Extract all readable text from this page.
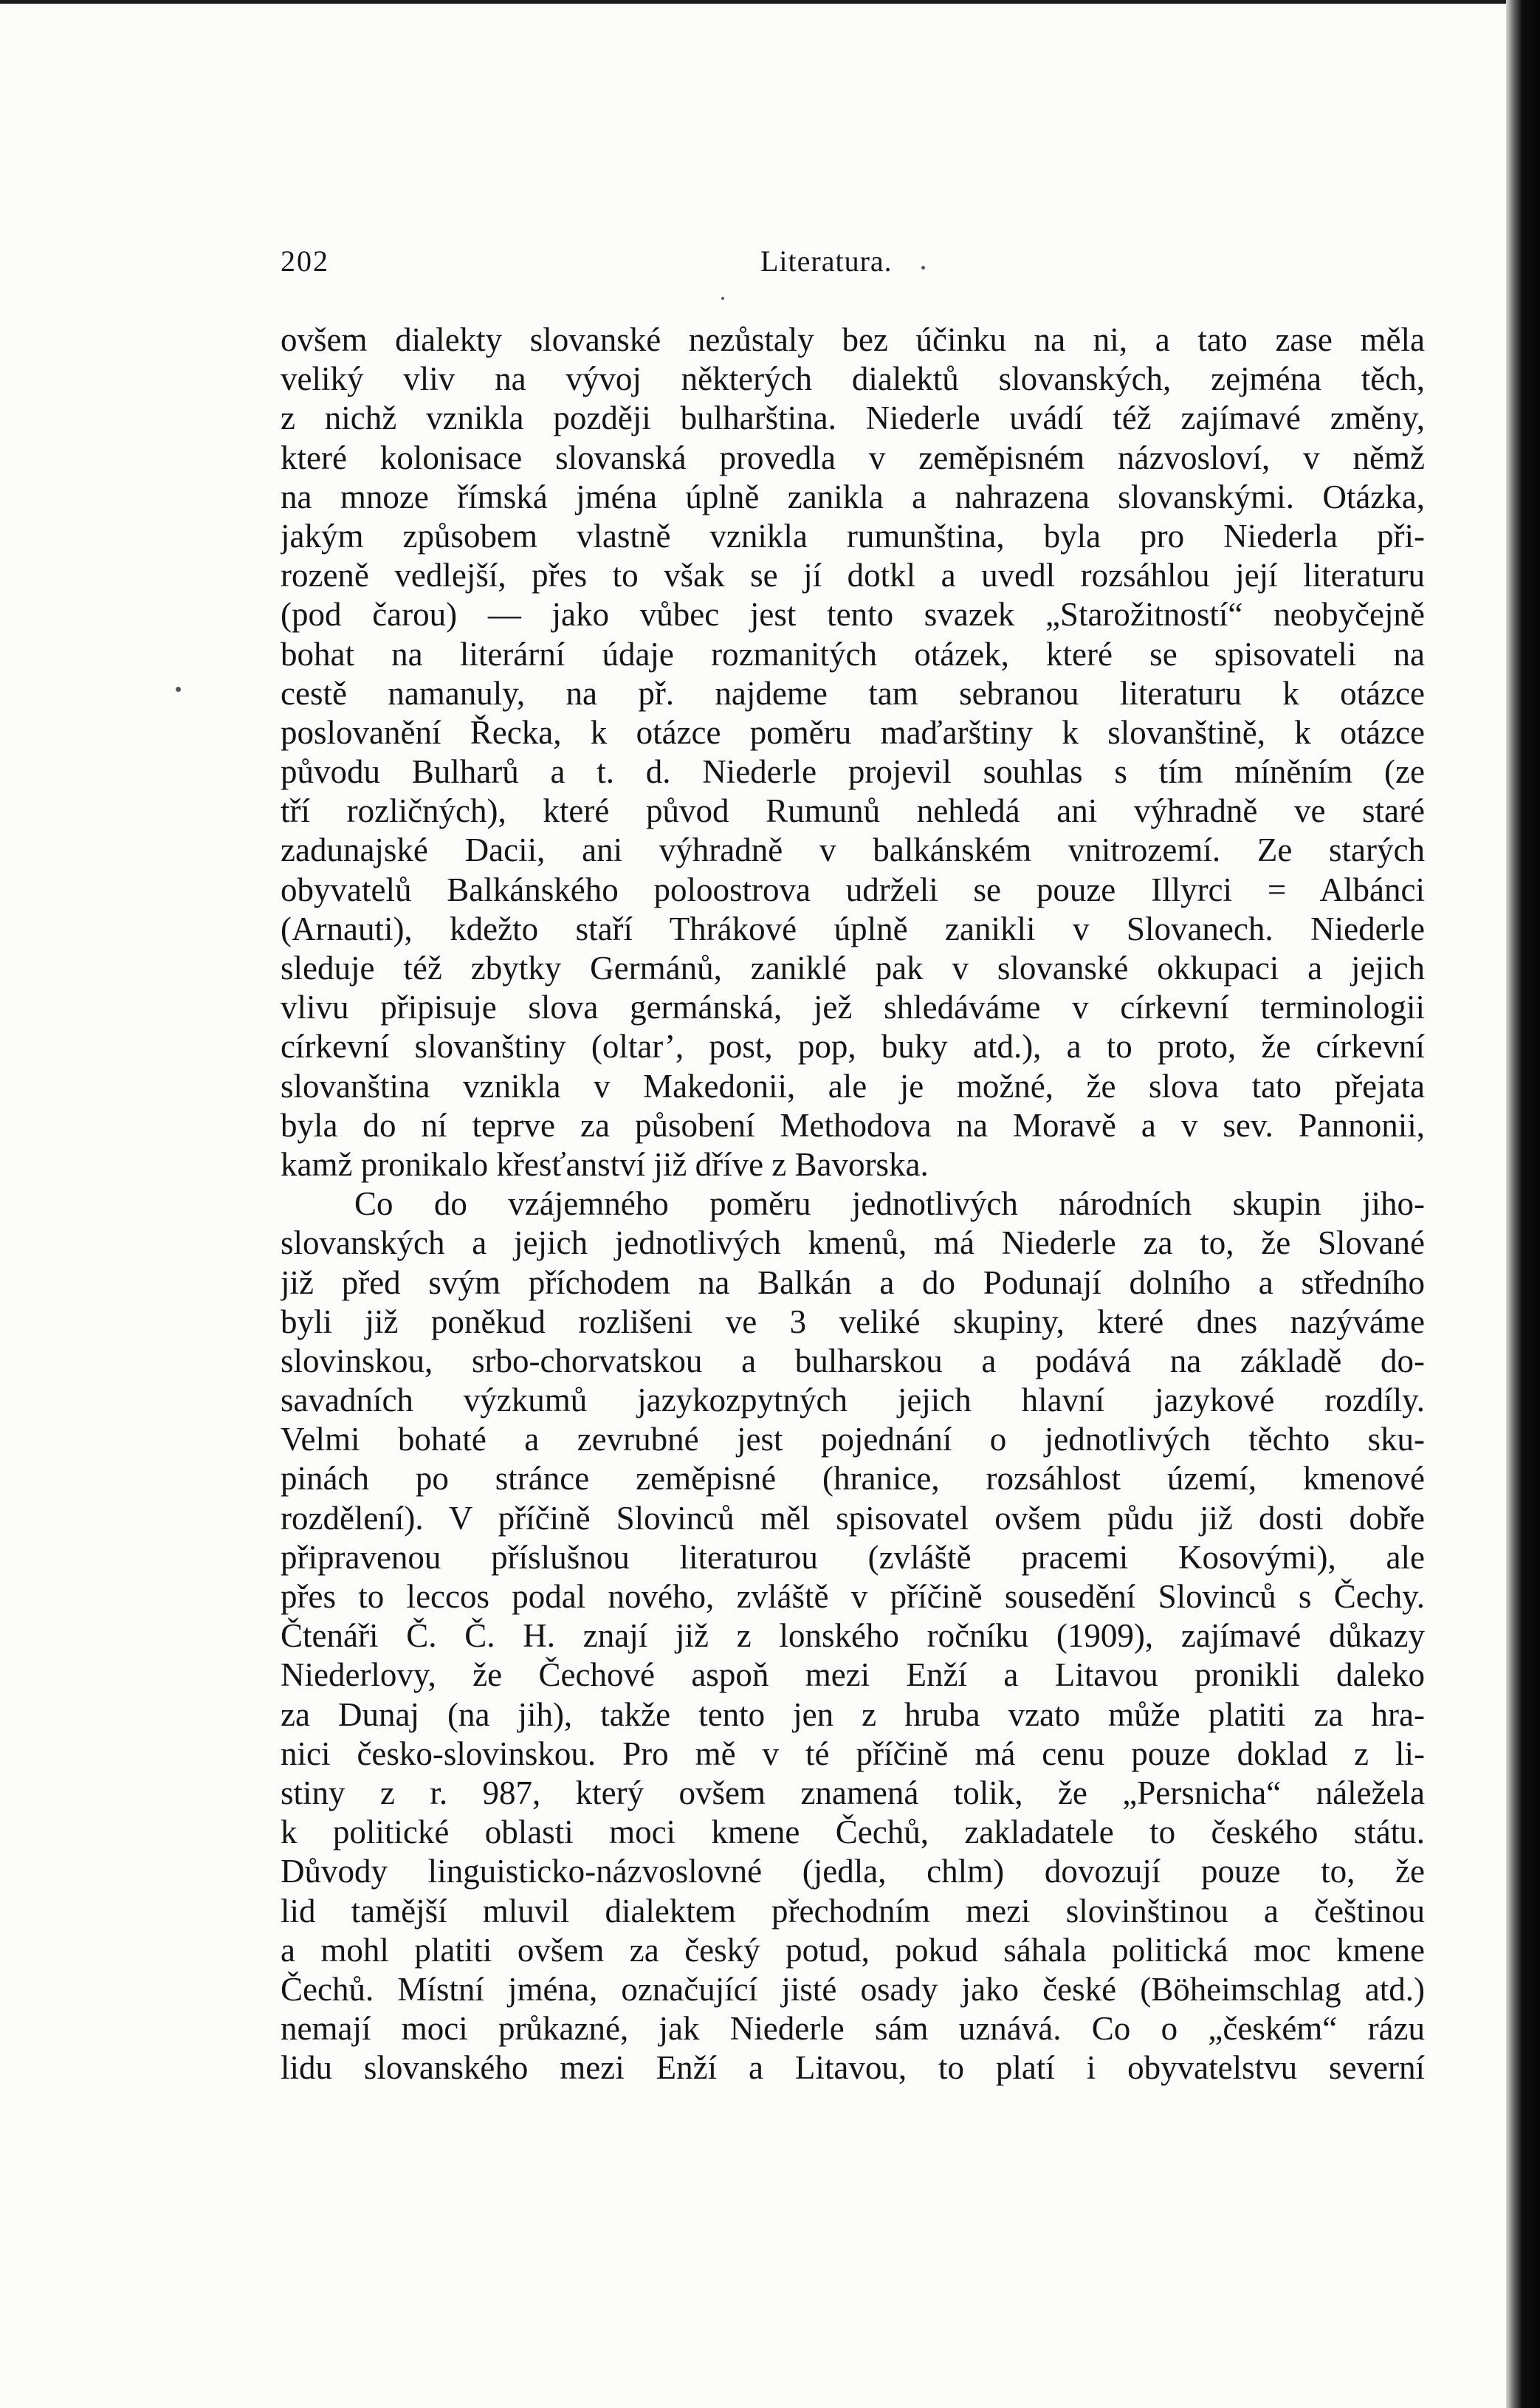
202	Literatura.
ovšem dialekty slovanské nezůstaly bez účinku na ni, a tato zase měla
veliký vliv na vývoj některých dialektů slovanských, zejména těch,
z nichž vznikla později bulharština. Niederle uvádí též zajímavé změny,
které kolonisace slovanská provedla v zeměpisném názvosloví, v němž
na mnoze římská jména úplně zanikla a nahrazena slovanskými. Otázka,
jakým způsobem vlastně vznikla rumunština, byla pro Niederla při-
rozeně vedlejší, přes to však se jí dotkl a uvedl rozsáhlou její literaturu
(pod čarou) — jako vůbec jest tento svazek „Starožitností“ neobyčejně
bohat na literární údaje rozmanitých otázek, které se spisovateli na
cestě namanuly, na př. najdeme tam sebranou literaturu k otázce
poslovanění Řecka, k otázce poměru maďarštiny k slovanštině, k otázce
původu Bulharů a t. d. Niederle projevil souhlas s tím míněním (ze
tří rozličných), které původ Rumunů nehledá ani výhradně ve staré
zadunajské Dacii, ani výhradně v balkánském vnitrozemí. Ze starých
obyvatelů Balkánského poloostrova udrželi se pouze Illyrci = Albánci
(Arnauti), kdežto staří Thrákové úplně zanikli v Slovanech. Niederle
sleduje též zbytky Germánů, zaniklé pak v slovanské okkupaci a jejich
vlivu připisuje slova germánská, jež shledáváme v církevní terminologii
církevní slovanštiny (oltar’, post, pop, buky atd.), a to proto, že církevní
slovanština vznikla v Makedonii, ale je možné, že slova tato přejata
byla do ní teprve za působení Methodova na Moravě a v sev. Pannonii,
kamž pronikalo křesťanství již dříve z Bavorska.
Co do vzájemného poměru jednotlivých národních skupin jiho-
slovanských a jejich jednotlivých kmenů, má Niederle za to, že Slované
již před svým příchodem na Balkán a do Podunají dolního a středního
byli již poněkud rozlišeni ve 3 veliké skupiny, které dnes nazýváme
slovinskou, srbo-chorvatskou a bulharskou a podává na základě do-
savadních výzkumů jazykozpytných jejich hlavní jazykové rozdíly.
Velmi bohaté a zevrubné jest pojednání o jednotlivých těchto sku-
pinách po stránce zeměpisné (hranice, rozsáhlost území, kmenové
rozdělení). V příčině Slovinců měl spisovatel ovšem půdu již dosti dobře
připravenou příslušnou literaturou (zvláště pracemi Kosovými), ale
přes to leccos podal nového, zvláště v příčině sousedění Slovinců s Čechy.
Čtenáři Č. Č. H. znají již z lonského ročníku (1909), zajímavé důkazy
Niederlovy, že Čechové aspoň mezi Enží a Litavou pronikli daleko
za Dunaj (na jih), takže tento jen z hruba vzato může platiti za hra-
nici česko-slovinskou. Pro mě v té příčině má cenu pouze doklad z li-
stiny z r. 987, který ovšem znamená tolik, že „Persnicha“ náležela
k politické oblasti moci kmene Čechů, zakladatele to českého státu.
Důvody linguisticko-názvoslovné (jedla, chlm) dovozují pouze to, že
lid tamější mluvil dialektem přechodním mezi slovinštinou a češtinou
a mohl platiti ovšem za český potud, pokud sáhala politická moc kmene
Čechů. Místní jména, označující jisté osady jako české (Böheimschlag atd.)
nemají moci průkazné, jak Niederle sám uznává. Co o „českém“ rázu
lidu slovanského mezi Enží a Litavou, to platí i obyvatelstvu severní
